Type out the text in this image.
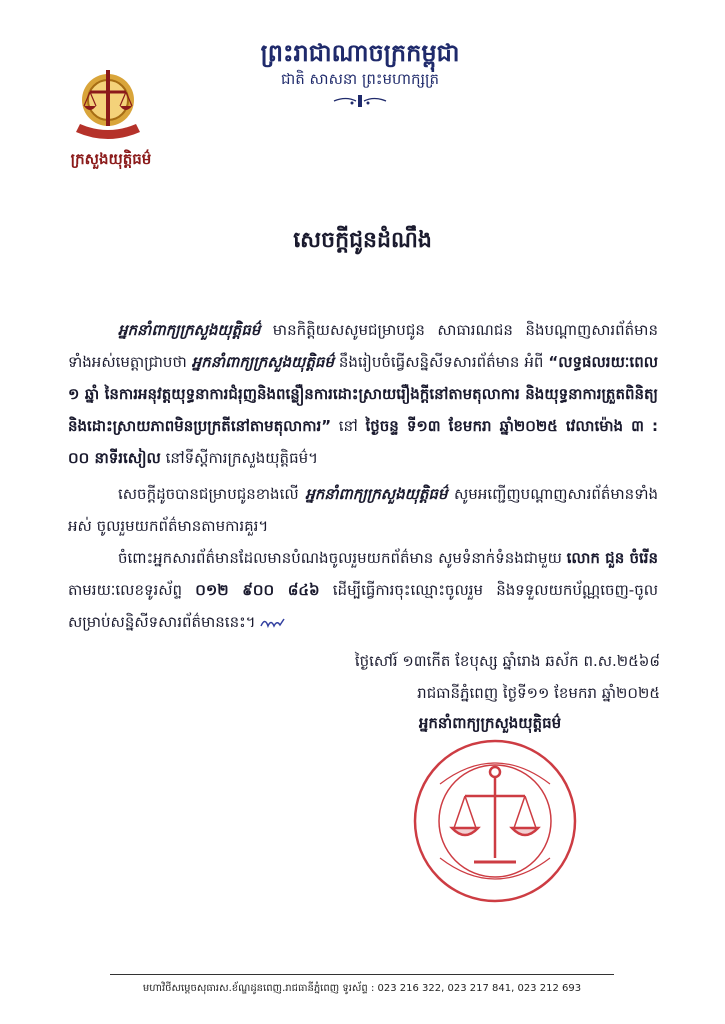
ក្រសួងយុត្តិធម៌
ព្រះរាជាណាចក្រកម្ពុជា
ជាតិ សាសនា ព្រះមហាក្សត្រ
សេចក្ដីជូនដំណឹង

អ្នកនាំពាក្យក្រសួងយុត្តិធម៌ មានកិត្តិយសសូមជម្រាបជូន សាធារណជន និងបណ្ដាញសារព័ត៌មានទាំងអស់មេត្តាជ្រាបថា អ្នកនាំពាក្យក្រសួងយុត្តិធម៌ នឹងរៀបចំធ្វើសន្និសីទសារព័ត៌មាន អំពី “លទ្ធផលរយៈពេល ១ ឆ្នាំ នៃការអនុវត្តយុទ្ធនាការជំរុញនិងពន្លឿនការដោះស្រាយរឿងក្ដីនៅតាមតុលាការ និងយុទ្ធនាការត្រួតពិនិត្យនិងដោះស្រាយភាពមិនប្រក្រតីនៅតាមតុលាការ” នៅ ថ្ងៃចន្ទ ទី១៣ ខែមករា ឆ្នាំ២០២៥ វេលាម៉ោង ៣ : ០០ នាទីរសៀល នៅទីស្ដីការក្រសួងយុត្តិធម៌។

សេចក្ដីដូចបានជម្រាបជូនខាងលើ អ្នកនាំពាក្យក្រសួងយុត្តិធម៌ សូមអញ្ជើញបណ្ដាញសារព័ត៌មានទាំងអស់ ចូលរួមយកព័ត៌មានតាមការគួរ។

ចំពោះអ្នកសារព័ត៌មានដែលមានបំណងចូលរួមយកព័ត៌មាន សូមទំនាក់ទំនងជាមួយ លោក ជួន ចំរើន តាមរយៈលេខទូរស័ព្ទ ០១២ ៩០០ ៨៤៦ ដើម្បីធ្វើការចុះឈ្មោះចូលរួម និងទទួលយកប័ណ្ណចេញ-ចូល សម្រាប់សន្និសីទសារព័ត៌មាននេះ។

ថ្ងៃសៅរ៍ ១៣កើត ខែបុស្ស ឆ្នាំរោង ឆស័ក ព.ស.២៥៦៨
រាជធានីភ្នំពេញ ថ្ងៃទី១១ ខែមករា ឆ្នាំ២០២៥
អ្នកនាំពាក្យក្រសួងយុត្តិធម៌
មហាវិថីសម្ដេចសុធារស.ខ័ណ្ឌដូនពេញ.រាជធានីភ្នំពេញ ទូរស័ព្ទ : 023 216 322, 023 217 841, 023 212 693
